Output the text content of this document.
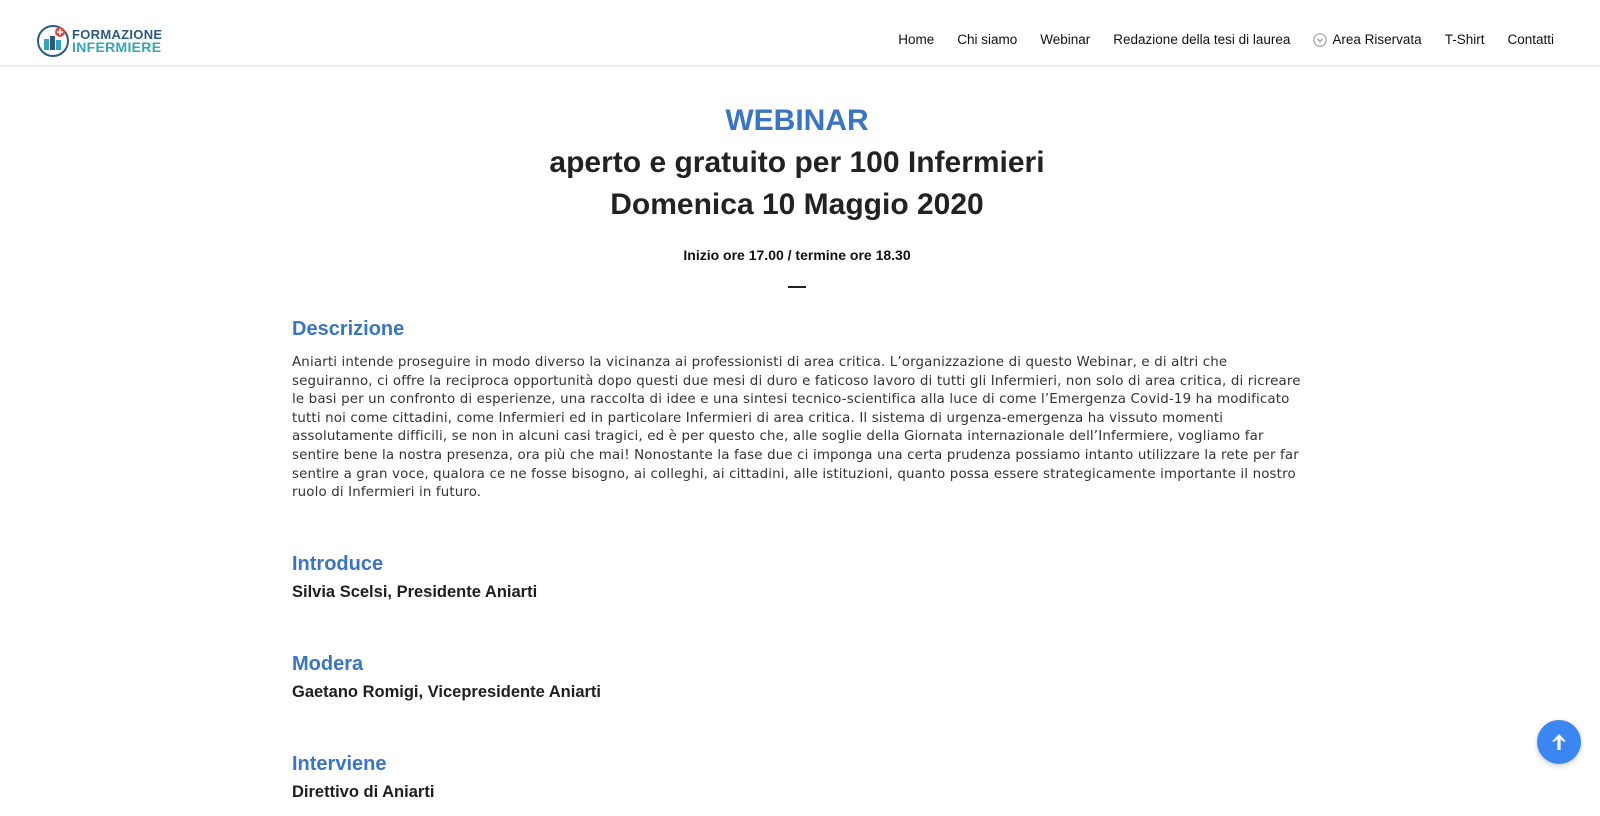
FORMAZIONE
INFERMIERE	Home Chi siamo Webinar Redazione della tesi di laurea	Area Riservata T-Shirt Contatti
WEBINAR
aperto e gratuito per 100 Infermieri
Domenica 10 Maggio 2020
Inizio ore 17.00 / termine ore 18.30
Descrizione

Aniarti intende proseguire in modo diverso la vicinanza ai professionisti di area critica. L’organizzazione di questo Webinar, e di altri che seguiranno, ci offre la reciproca opportunità dopo questi due mesi di duro e faticoso lavoro di tutti gli Infermieri, non solo di area critica, di ricreare le basi per un confronto di esperienze, una raccolta di idee e una sintesi tecnico-scientifica alla luce di come l’Emergenza Covid-19 ha modificato tutti noi come cittadini, come Infermieri ed in particolare Infermieri di area critica. Il sistema di urgenza-emergenza ha vissuto momenti assolutamente difficili, se non in alcuni casi tragici, ed è per questo che, alle soglie della Giornata internazionale dell’Infermiere, vogliamo far sentire bene la nostra presenza, ora più che mai! Nonostante la fase due ci imponga una certa prudenza possiamo intanto utilizzare la rete per far sentire a gran voce, qualora ce ne fosse bisogno, ai colleghi, ai cittadini, alle istituzioni, quanto possa essere strategicamente importante il nostro ruolo di Infermieri in futuro.

Introduce
Silvia Scelsi, Presidente Aniarti
Modera
Gaetano Romigi, Vicepresidente Aniarti
Interviene
Direttivo di Aniarti
